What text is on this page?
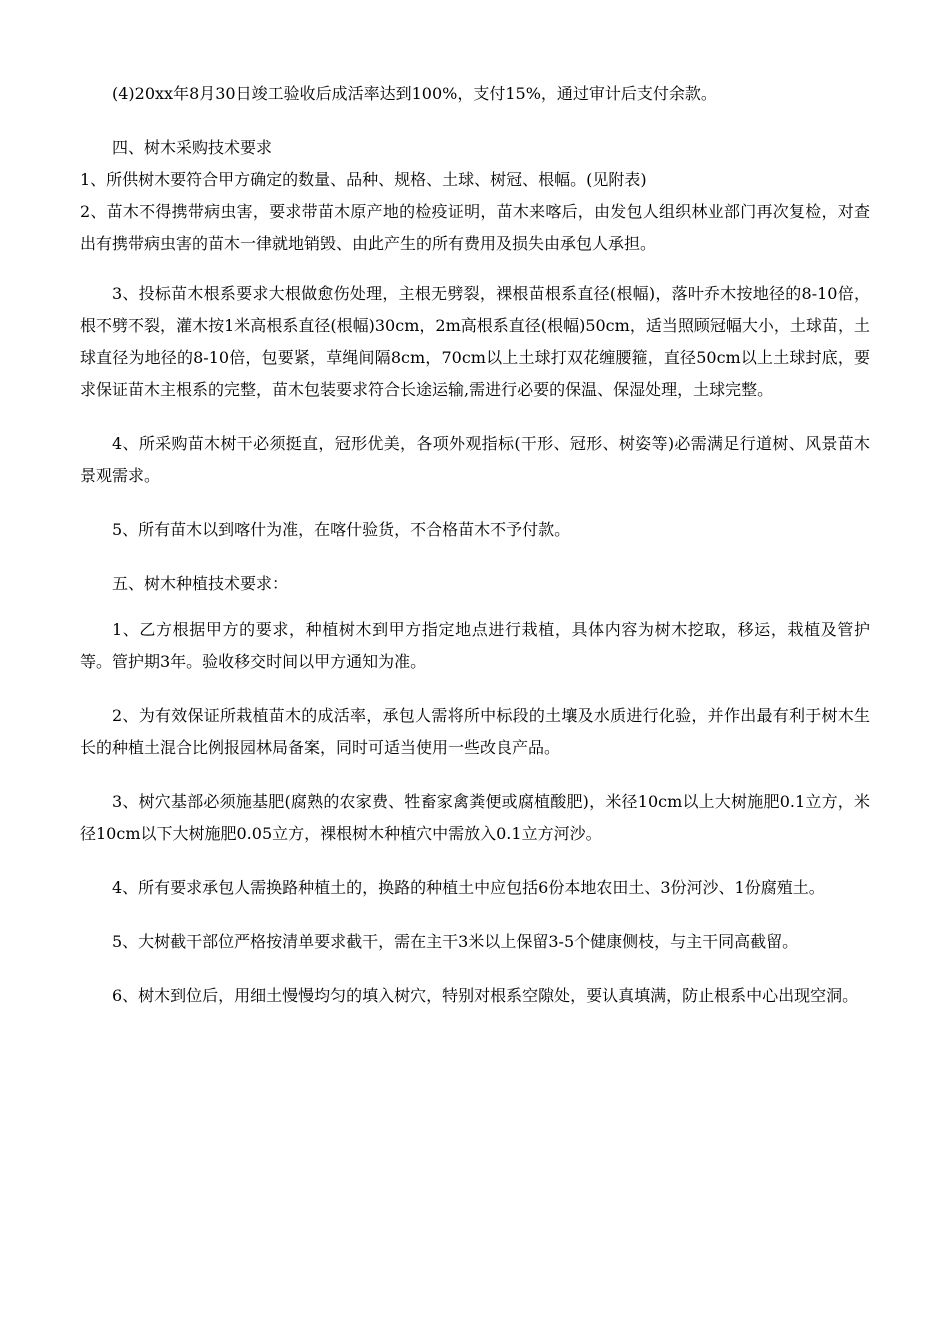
(4)20xx年8月30日竣工验收后成活率达到100%，支付15%，通过审计后支付余款。

四、树木采购技术要求

1、所供树木要符合甲方确定的数量、品种、规格、土球、树冠、根幅。(见附表)

2、苗木不得携带病虫害，要求带苗木原产地的检疫证明，苗木来喀后，由发包人组织林业部门再次复检，对查出有携带病虫害的苗木一律就地销毁、由此产生的所有费用及损失由承包人承担。

3、投标苗木根系要求大根做愈伤处理，主根无劈裂，裸根苗根系直径(根幅)，落叶乔木按地径的8-10倍，根不劈不裂，灌木按1米高根系直径(根幅)30cm，2m高根系直径(根幅)50cm，适当照顾冠幅大小，土球苗，土球直径为地径的8-10倍，包要紧，草绳间隔8cm，70cm以上土球打双花缠腰箍，直径50cm以上土球封底，要求保证苗木主根系的完整，苗木包装要求符合长途运输,需进行必要的保温、保湿处理，土球完整。

4、所采购苗木树干必须挺直，冠形优美，各项外观指标(干形、冠形、树姿等)必需满足行道树、风景苗木景观需求。

5、所有苗木以到喀什为准，在喀什验货，不合格苗木不予付款。

五、树木种植技术要求：

1、乙方根据甲方的要求，种植树木到甲方指定地点进行栽植，具体内容为树木挖取，移运，栽植及管护等。管护期3年。验收移交时间以甲方通知为准。

2、为有效保证所栽植苗木的成活率，承包人需将所中标段的土壤及水质进行化验，并作出最有利于树木生长的种植土混合比例报园林局备案，同时可适当使用一些改良产品。

3、树穴基部必须施基肥(腐熟的农家费、牲畜家禽粪便或腐植酸肥)，米径10cm以上大树施肥0.1立方，米径10cm以下大树施肥0.05立方，裸根树木种植穴中需放入0.1立方河沙。

4、所有要求承包人需换路种植土的，换路的种植土中应包括6份本地农田土、3份河沙、1份腐殖土。

5、大树截干部位严格按清单要求截干，需在主干3米以上保留3-5个健康侧枝，与主干同高截留。

6、树木到位后，用细土慢慢均匀的填入树穴，特别对根系空隙处，要认真填满，防止根系中心出现空洞。
